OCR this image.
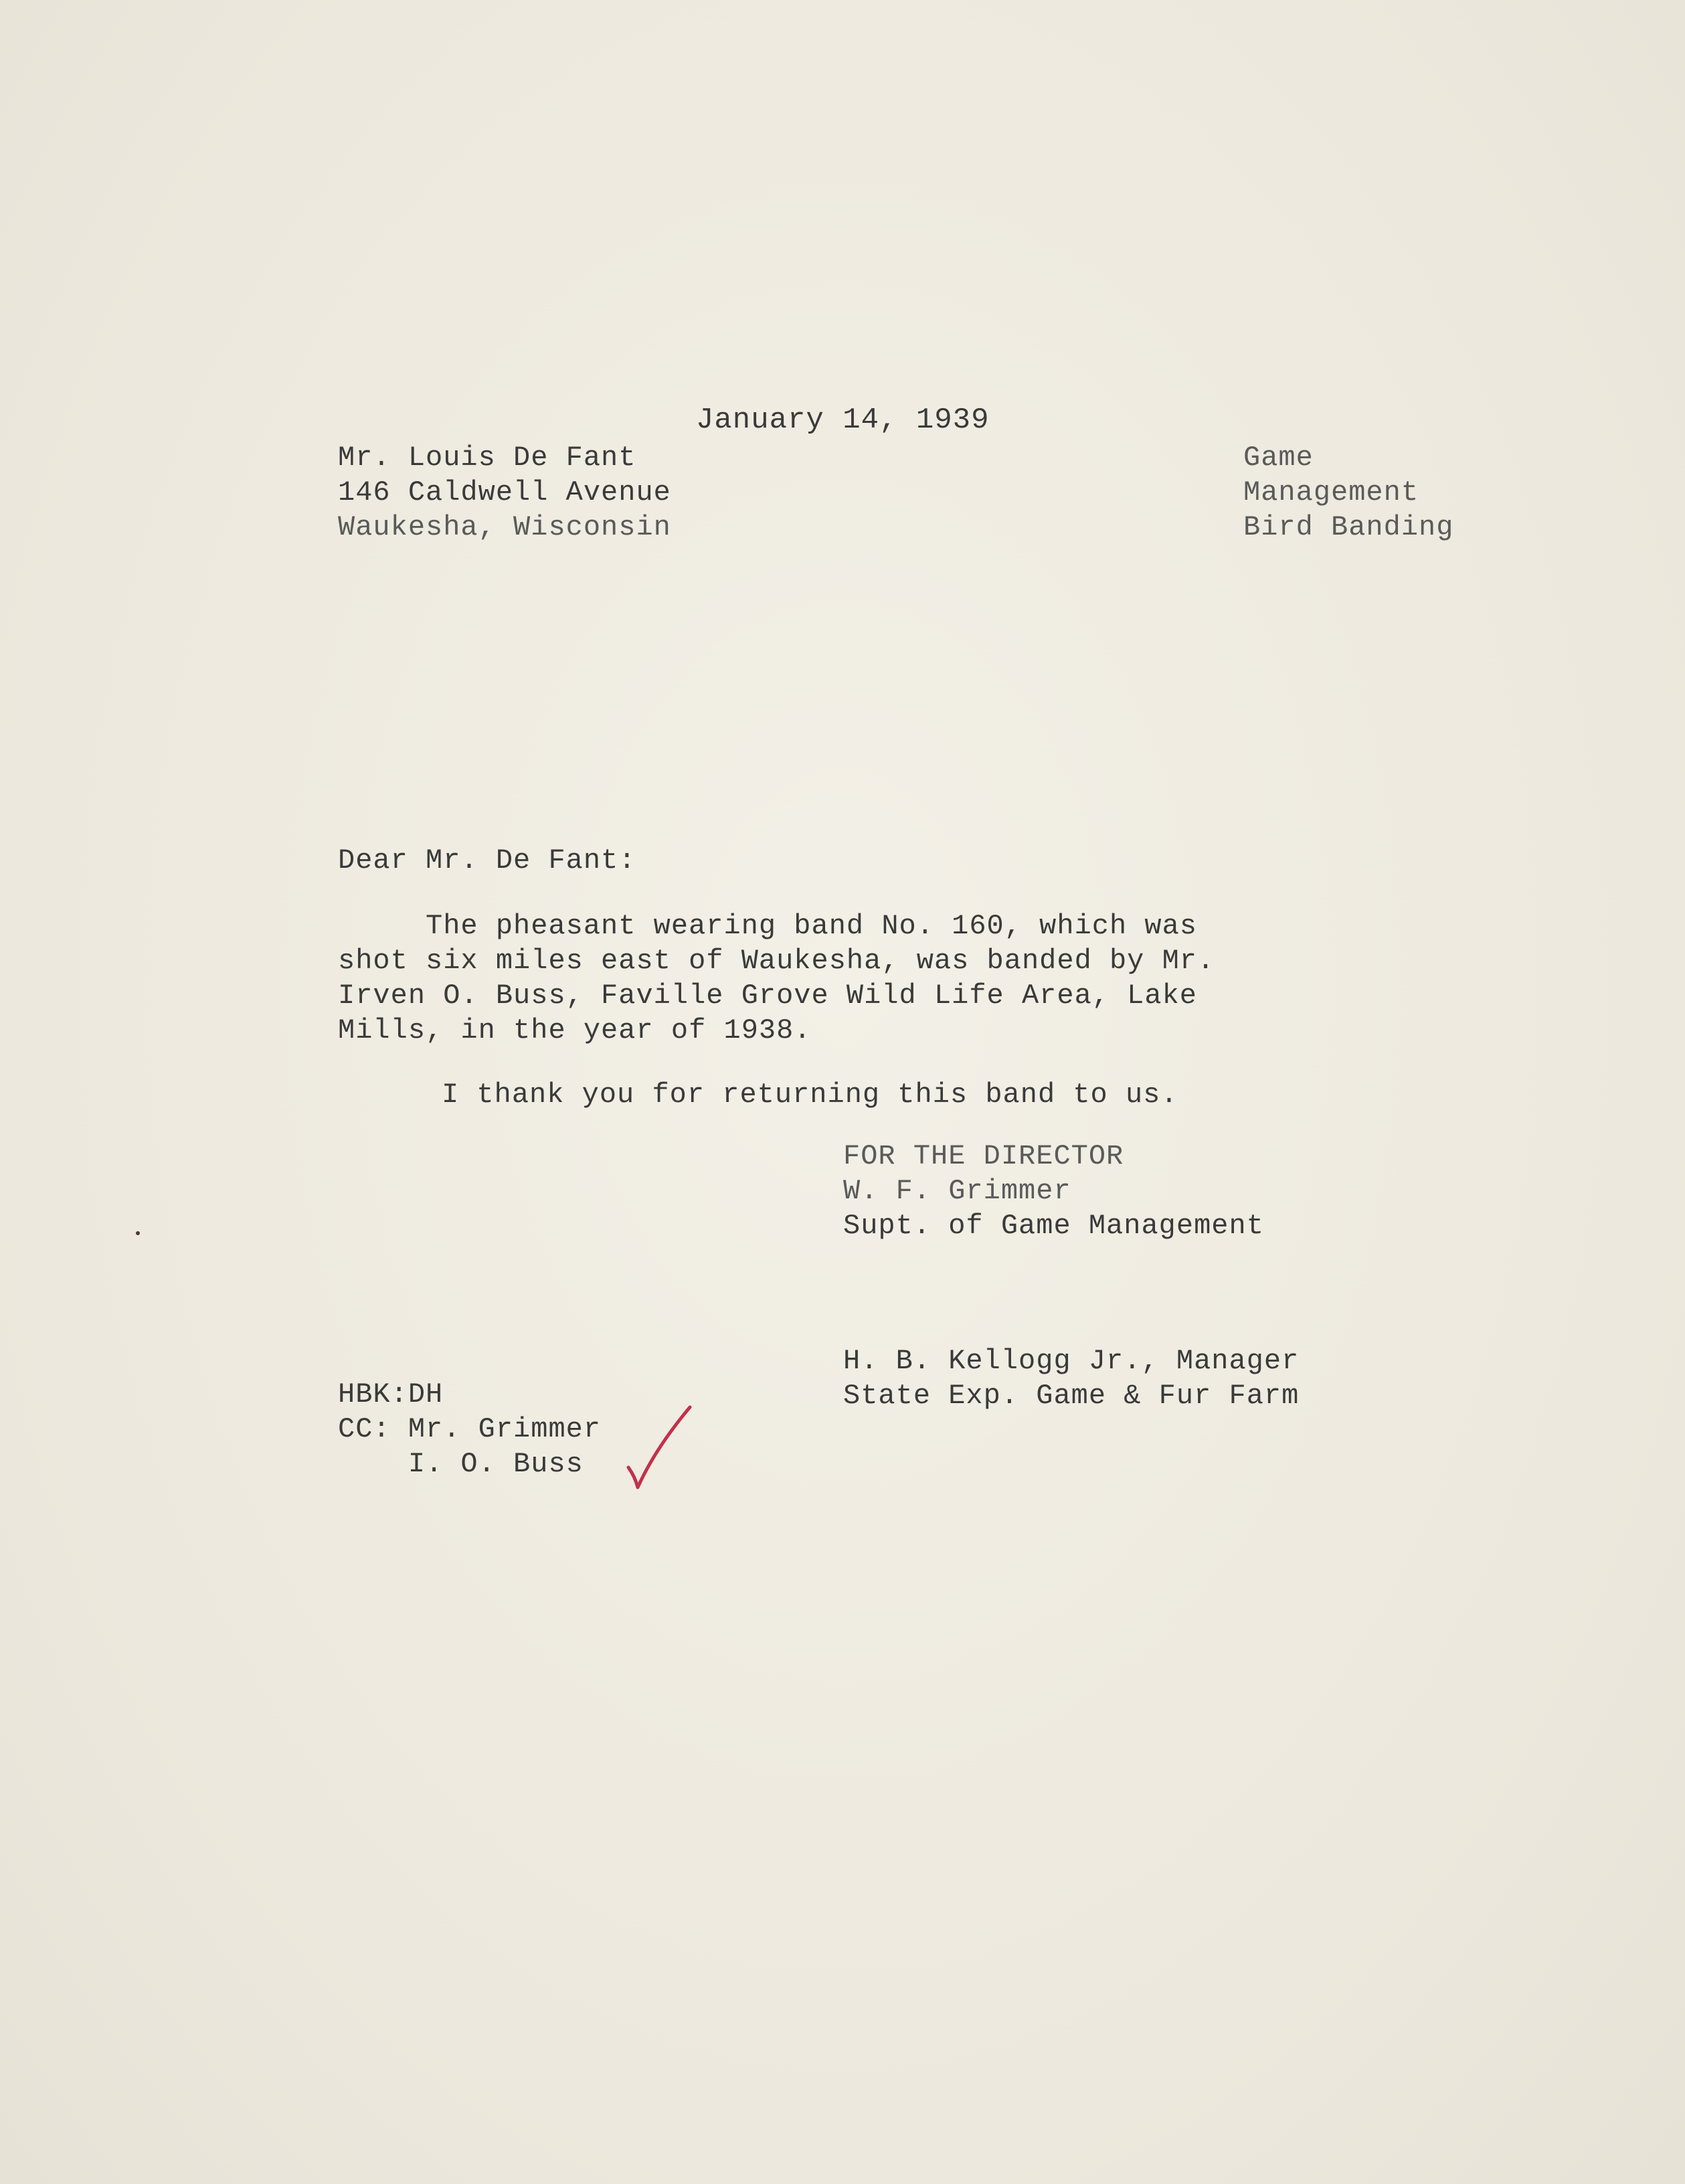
January 14, 1939
Mr. Louis De Fant
146 Caldwell Avenue
Waukesha, Wisconsin
Game
Management
Bird Banding
Dear Mr. De Fant:
The pheasant wearing band No. 160, which was
shot six miles east of Waukesha, was banded by Mr.
Irven O. Buss, Faville Grove Wild Life Area, Lake
Mills, in the year of 1938.
I thank you for returning this band to us.
FOR THE DIRECTOR
W. F. Grimmer
Supt. of Game Management
H. B. Kellogg Jr., Manager
State Exp. Game & Fur Farm
HBK:DH
CC: Mr. Grimmer
I. O. Buss
